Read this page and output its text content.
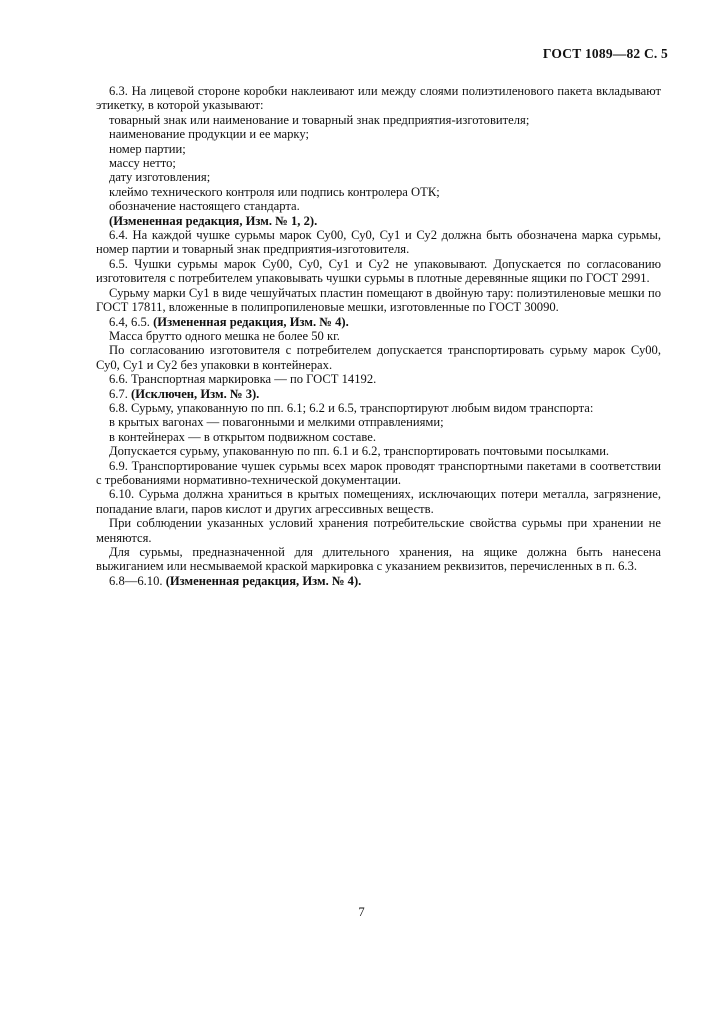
ГОСТ 1089—82 С. 5

6.3. На лицевой стороне коробки наклеивают или между слоями полиэтиленового пакета вкладывают этикетку, в которой указывают:

товарный знак или наименование и товарный знак предприятия-изготовителя;

наименование продукции и ее марку;

номер партии;

массу нетто;

дату изготовления;

клеймо технического контроля или подпись контролера ОТК;

обозначение настоящего стандарта.

(Измененная редакция, Изм. № 1, 2).

6.4. На каждой чушке сурьмы марок Су00, Су0, Су1 и Су2 должна быть обозначена марка сурьмы, номер партии и товарный знак предприятия-изготовителя.

6.5. Чушки сурьмы марок Су00, Су0, Су1 и Су2 не упаковывают. Допускается по согласованию изготовителя с потребителем упаковывать чушки сурьмы в плотные деревянные ящики по ГОСТ 2991.

Сурьму марки Су1 в виде чешуйчатых пластин помещают в двойную тару: полиэтиленовые мешки по ГОСТ 17811, вложенные в полипропиленовые мешки, изготовленные по ГОСТ 30090.

6.4, 6.5. (Измененная редакция, Изм. № 4).

Масса брутто одного мешка не более 50 кг.

По согласованию изготовителя с потребителем допускается транспортировать сурьму марок Су00, Су0, Су1 и Су2 без упаковки в контейнерах.

6.6. Транспортная маркировка — по ГОСТ 14192.

6.7. (Исключен, Изм. № 3).

6.8. Сурьму, упакованную по пп. 6.1; 6.2 и 6.5, транспортируют любым видом транспорта:

в крытых вагонах — повагонными и мелкими отправлениями;

в контейнерах — в открытом подвижном составе.

Допускается сурьму, упакованную по пп. 6.1 и 6.2, транспортировать почтовыми посылками.

6.9. Транспортирование чушек сурьмы всех марок проводят транспортными пакетами в соответствии с требованиями нормативно-технической документации.

6.10. Сурьма должна храниться в крытых помещениях, исключающих потери металла, загрязнение, попадание влаги, паров кислот и других агрессивных веществ.

При соблюдении указанных условий хранения потребительские свойства сурьмы при хранении не меняются.

Для сурьмы, предназначенной для длительного хранения, на ящике должна быть нанесена выжиганием или несмываемой краской маркировка с указанием реквизитов, перечисленных в п. 6.3.

6.8—6.10. (Измененная редакция, Изм. № 4).

7
